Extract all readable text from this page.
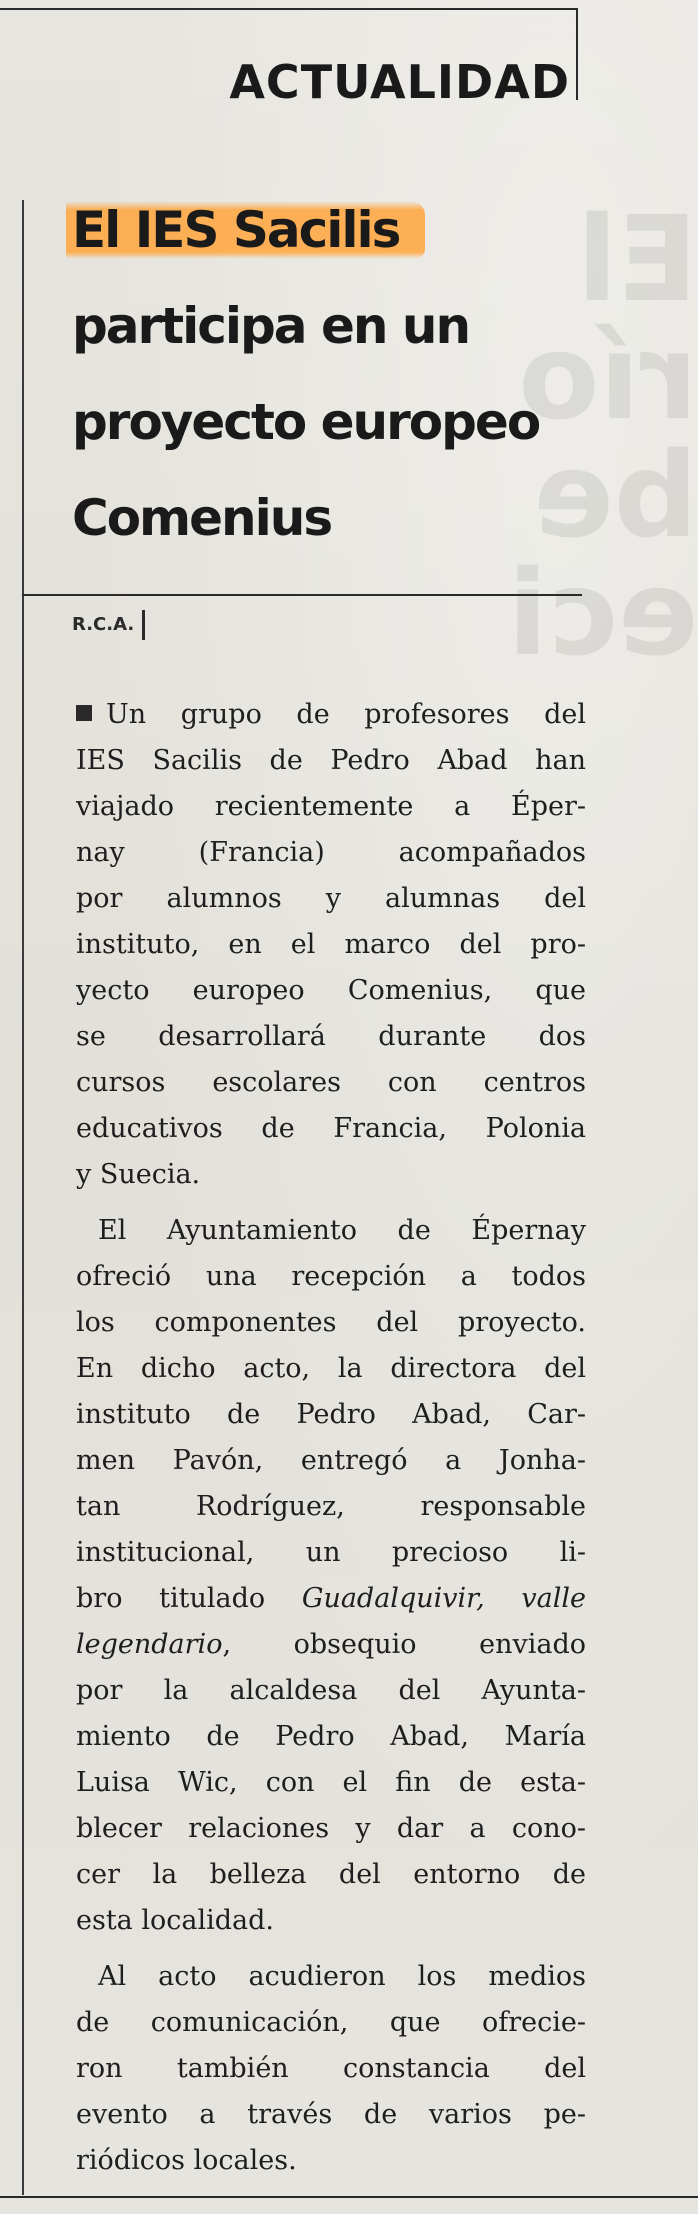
El
río
be
eci
ACTUALIDAD
El IES Sacilis
participa en un
proyecto europeo
Comenius
R.C.A.
Un grupo de profesores del
IES Sacilis de Pedro Abad han
viajado recientemente a Éper-
nay (Francia) acompañados
por alumnos y alumnas del
instituto, en el marco del pro-
yecto europeo Comenius, que
se desarrollará durante dos
cursos escolares con centros
educativos de Francia, Polonia
y Suecia.
El Ayuntamiento de Épernay
ofreció una recepción a todos
los componentes del proyecto.
En dicho acto, la directora del
instituto de Pedro Abad, Car-
men Pavón, entregó a Jonha-
tan Rodríguez, responsable
institucional, un precioso li-
bro titulado Guadalquivir, valle
legendario, obsequio enviado
por la alcaldesa del Ayunta-
miento de Pedro Abad, María
Luisa Wic, con el fin de esta-
blecer relaciones y dar a cono-
cer la belleza del entorno de
esta localidad.
Al acto acudieron los medios
de comunicación, que ofrecie-
ron también constancia del
evento a través de varios pe-
riódicos locales.
